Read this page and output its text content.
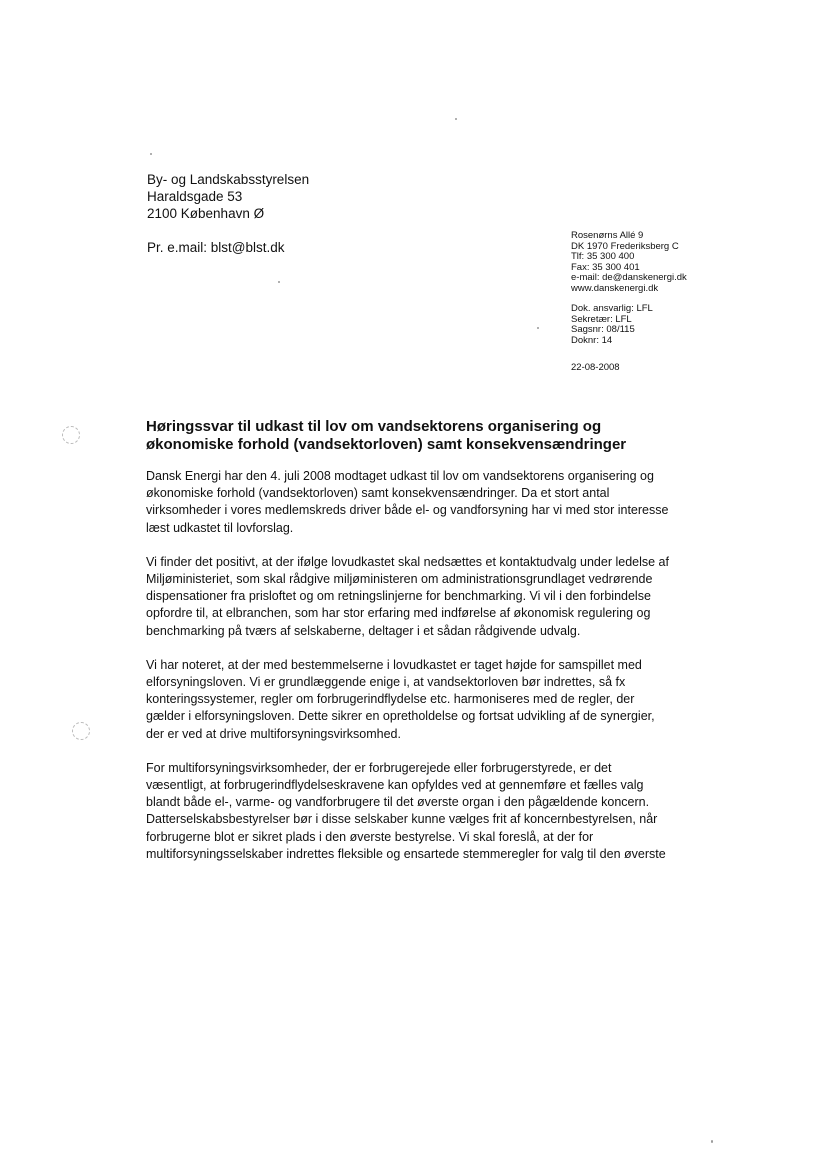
By- og Landskabsstyrelsen
Haraldsgade 53
2100 København Ø
Pr. e.mail: blst@blst.dk
Rosenørns Allé 9
DK 1970 Frederiksberg C
Tlf: 35 300 400
Fax: 35 300 401
e-mail: de@danskenergi.dk
www.danskenergi.dk
Dok. ansvarlig: LFL
Sekretær: LFL
Sagsnr: 08/115
Doknr: 14
22-08-2008
Høringssvar til udkast til lov om vandsektorens organisering og
økonomiske forhold (vandsektorloven) samt konsekvensændringer
Dansk Energi har den 4. juli 2008 modtaget udkast til lov om vandsektorens organisering og
økonomiske forhold (vandsektorloven) samt konsekvensændringer. Da et stort antal
virksomheder i vores medlemskreds driver både el- og vandforsyning har vi med stor interesse
læst udkastet til lovforslag.
Vi finder det positivt, at der ifølge lovudkastet skal nedsættes et kontaktudvalg under ledelse af
Miljøministeriet, som skal rådgive miljøministeren om administrationsgrundlaget vedrørende
dispensationer fra prisloftet og om retningslinjerne for benchmarking. Vi vil i den forbindelse
opfordre til, at elbranchen, som har stor erfaring med indførelse af økonomisk regulering og
benchmarking på tværs af selskaberne, deltager i et sådan rådgivende udvalg.
Vi har noteret, at der med bestemmelserne i lovudkastet er taget højde for samspillet med
elforsyningsloven. Vi er grundlæggende enige i, at vandsektorloven bør indrettes, så fx
konteringssystemer, regler om forbrugerindflydelse etc. harmoniseres med de regler, der
gælder i elforsyningsloven. Dette sikrer en opretholdelse og fortsat udvikling af de synergier,
der er ved at drive multiforsyningsvirksomhed.
For multiforsyningsvirksomheder, der er forbrugerejede eller forbrugerstyrede, er det
væsentligt, at forbrugerindflydelseskravene kan opfyldes ved at gennemføre et fælles valg
blandt både el-, varme- og vandforbrugere til det øverste organ i den pågældende koncern.
Datterselskabsbestyrelser bør i disse selskaber kunne vælges frit af koncernbestyrelsen, når
forbrugerne blot er sikret plads i den øverste bestyrelse. Vi skal foreslå, at der for
multiforsyningsselskaber indrettes fleksible og ensartede stemmeregler for valg til den øverste
